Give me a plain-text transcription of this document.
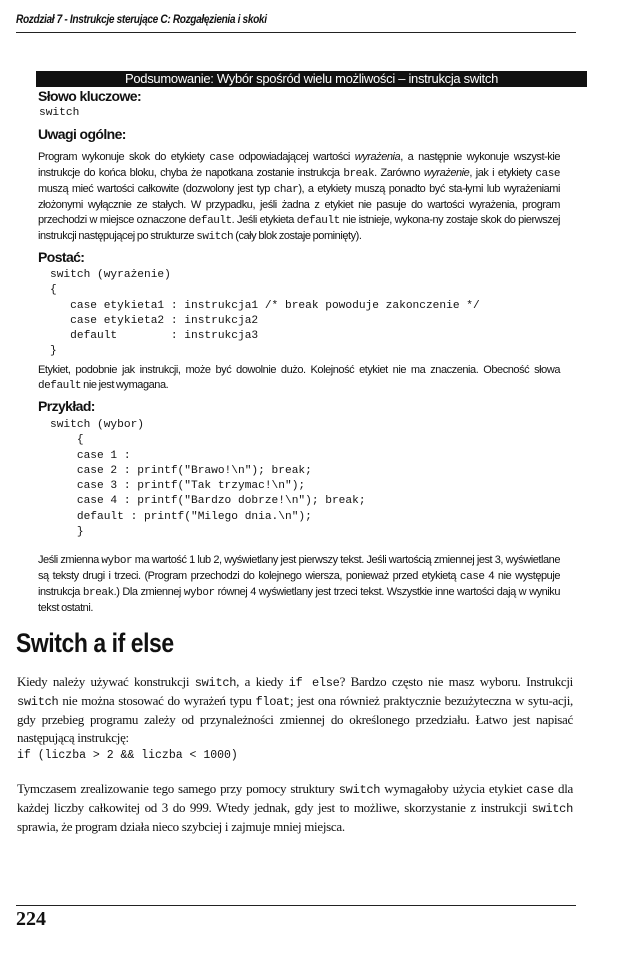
Rozdział 7 - Instrukcje sterujące C: Rozgałęzienia i skoki
Podsumowanie: Wybór spośród wielu możliwości – instrukcja switch
Słowo kluczowe:
switch
Uwagi ogólne:
Program wykonuje skok do etykiety case odpowiadającej wartości wyrażenia, a następnie wykonuje wszyst-kie instrukcje do końca bloku, chyba że napotkana zostanie instrukcja break. Zarówno wyrażenie, jak i etykiety case muszą mieć wartości całkowite (dozwolony jest typ char), a etykiety muszą ponadto być sta-łymi lub wyrażeniami złożonymi wyłącznie ze stałych. W przypadku, jeśli żadna z etykiet nie pasuje do wartości wyrażenia, program przechodzi w miejsce oznaczone default. Jeśli etykieta default nie istnieje, wykona-ny zostaje skok do pierwszej instrukcji następującej po strukturze switch (cały blok zostaje pominięty).
Postać:
switch (wyrażenie)
{
case etykieta1 : instrukcja1 /* break powoduje zakonczenie */
case etykieta2 : instrukcja2
default        : instrukcja3
}
Etykiet, podobnie jak instrukcji, może być dowolnie dużo. Kolejność etykiet nie ma znaczenia. Obecność słowa default nie jest wymagana.
Przykład:
switch (wybor)
{
case 1 :
case 2 : printf("Brawo!\n"); break;
case 3 : printf("Tak trzymac!\n");
case 4 : printf("Bardzo dobrze!\n"); break;
default : printf("Milego dnia.\n");
}
Jeśli zmienna wybor ma wartość 1 lub 2, wyświetlany jest pierwszy tekst. Jeśli wartością zmiennej jest 3, wyświetlane są teksty drugi i trzeci. (Program przechodzi do kolejnego wiersza, ponieważ przed etykietą case 4 nie występuje instrukcja break.) Dla zmiennej wybor równej 4 wyświetlany jest trzeci tekst. Wszystkie inne wartości dają w wyniku tekst ostatni.
Switch a if else
Kiedy należy używać konstrukcji switch, a kiedy if else? Bardzo często nie masz wyboru. Instrukcji switch nie można stosować do wyrażeń typu float; jest ona również praktycznie bezużyteczna w sytu-acji, gdy przebieg programu zależy od przynależności zmiennej do określonego przedziału. Łatwo jest napisać następującą instrukcję:
if (liczba > 2 && liczba < 1000)
Tymczasem zrealizowanie tego samego przy pomocy struktury switch wymagałoby użycia etykiet case dla każdej liczby całkowitej od 3 do 999. Wtedy jednak, gdy jest to możliwe, skorzystanie z instrukcji switch sprawia, że program działa nieco szybciej i zajmuje mniej miejsca.
224
